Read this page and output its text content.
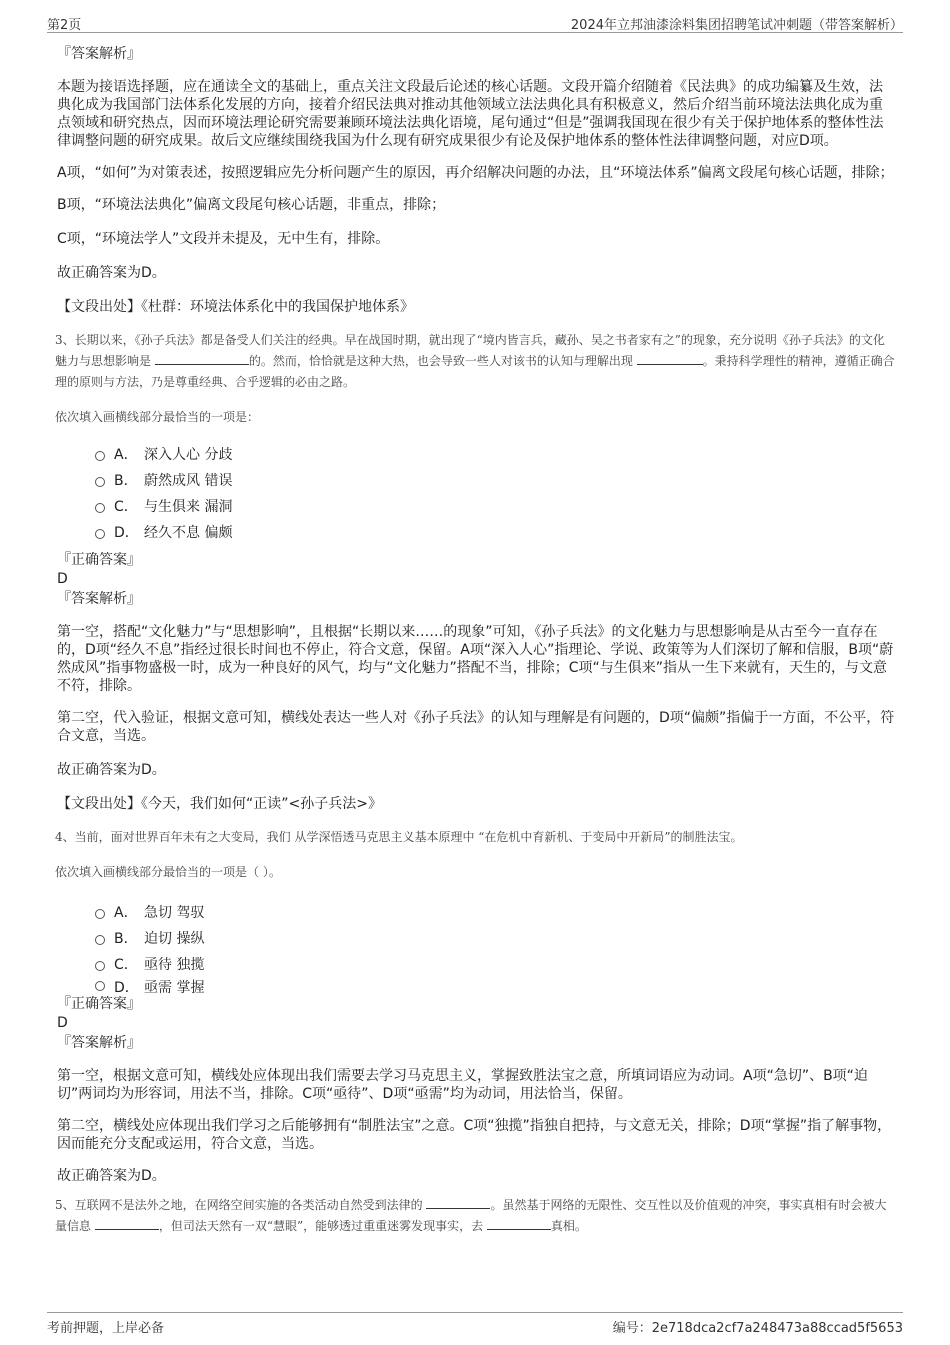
第2页	2024年立邦油漆涂料集团招聘笔试冲刺题（带答案解析）

『答案解析』

本题为接语选择题，应在通读全文的基础上，重点关注文段最后论述的核心话题。文段开篇介绍随着《民法典》的成功编纂及生效，法典化成为我国部门法体系化发展的方向，接着介绍民法典对推动其他领域立法法典化具有积极意义，然后介绍当前环境法法典化成为重点领域和研究热点，因而环境法理论研究需要兼顾环境法法典化语境，尾句通过“但是”强调我国现在很少有关于保护地体系的整体性法律调整问题的研究成果。故后文应继续围绕我国为什么现有研究成果很少有论及保护地体系的整体性法律调整问题，对应D项。

A项，“如何”为对策表述，按照逻辑应先分析问题产生的原因，再介绍解决问题的办法，且“环境法体系”偏离文段尾句核心话题，排除；

B项，“环境法法典化”偏离文段尾句核心话题，非重点，排除；

C项，“环境法学人”文段并未提及，无中生有，排除。

故正确答案为D。

【文段出处】《杜群：环境法体系化中的我国保护地体系》

3、长期以来，《孙子兵法》都是备受人们关注的经典。早在战国时期，就出现了“境内皆言兵，藏孙、吴之书者家有之”的现象，充分说明《孙子兵法》的文化魅力与思想影响是	的。然而，恰恰就是这种大热，也会导致一些人对该书的认知与理解出现	。秉持科学理性的精神，遵循正确合理的原则与方法，乃是尊重经典、合乎逻辑的必由之路。

依次填入画横线部分最恰当的一项是：

A． 深入人心 分歧
B． 蔚然成风 错误
C． 与生俱来 漏洞
D． 经久不息 偏颇

『正确答案』

D

『答案解析』

第一空，搭配“文化魅力”与“思想影响”，且根据“长期以来……的现象”可知，《孙子兵法》的文化魅力与思想影响是从古至今一直存在的，D项“经久不息”指经过很长时间也不停止，符合文意，保留。A项“深入人心”指理论、学说、政策等为人们深切了解和信服，B项“蔚然成风”指事物盛极一时，成为一种良好的风气，均与“文化魅力”搭配不当，排除；C项“与生俱来”指从一生下来就有，天生的，与文意不符，排除。

第二空，代入验证，根据文意可知，横线处表达一些人对《孙子兵法》的认知与理解是有问题的，D项“偏颇”指偏于一方面，不公平，符合文意，当选。

故正确答案为D。

【文段出处】《今天，我们如何“正读”<孙子兵法>》

4、当前，面对世界百年未有之大变局，我们 从学深悟透马克思主义基本原理中 “在危机中育新机、于变局中开新局”的制胜法宝。

依次填入画横线部分最恰当的一项是（ ）。

A． 急切 驾驭
B． 迫切 操纵
C． 亟待 独揽
D． 亟需 掌握

『正确答案』

D

『答案解析』

第一空，根据文意可知，横线处应体现出我们需要去学习马克思主义，掌握致胜法宝之意，所填词语应为动词。A项“急切”、B项“迫切”两词均为形容词，用法不当，排除。C项“亟待”、D项“亟需”均为动词，用法恰当，保留。

第二空，横线处应体现出我们学习之后能够拥有“制胜法宝”之意。C项“独揽”指独自把持，与文意无关，排除；D项“掌握”指了解事物，因而能充分支配或运用，符合文意，当选。

故正确答案为D。

5、互联网不是法外之地，在网络空间实施的各类活动自然受到法律的	。虽然基于网络的无限性、交互性以及价值观的冲突，事实真相有时会被大量信息	，但司法天然有一双“慧眼”，能够透过重重迷雾发现事实，去	真相。

考前押题，上岸必备	编号：2e718dca2cf7a248473a88ccad5f5653
